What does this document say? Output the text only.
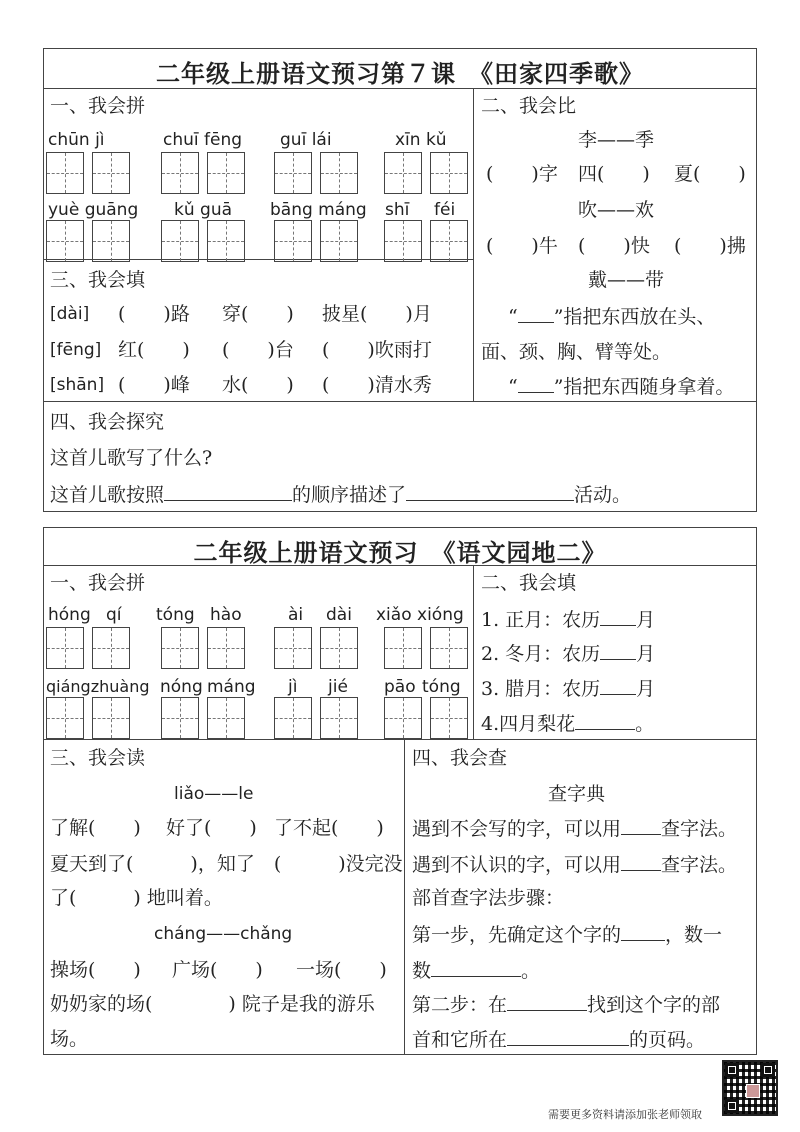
二年级上册语文预习第７课　《田家四季歌》
一、我会拼
chūn jì	chuī fēng guī lái	xīn kǔ
yuè guāng kǔ guā bāng máng shī féi
二、我会比
李——季
(　　)字 四(　　) 夏(　　)
吹——欢
(　　)牛 (　　)快 (　　)拂
戴——带
“ ”指把东西放在头、
面、颈、胸、臂等处。
“ ”指把东西随身拿着。
三、我会填
[dài] (　　)路 穿(　　) 披星(　　)月
[fēng] 红(　　) (　　)台 (　　)吹雨打
[shān] (　　)峰 水(　　) (　　)清水秀
四、我会探究
这首儿歌写了什么?
这首儿歌按照	的顺序描述了	活动。
二年级上册语文预习　《语文园地二》
一、我会拼
hóng qí tóng hào	ài dài xiǎo xióng
qiángzhuàng nóng máng jì jié pāo tóng
二、我会填
1. 正月：农历 月
2. 冬月：农历 月
3. 腊月：农历 月
4.四月梨花	。
三、我会读
liǎo——le
了解(　　) 好了(　　) 了不起(　　)
夏天到了(　　　)，知了　(　　　)没完没
了(　　　) 地叫着。
cháng——chǎng
操场(　　) 广场(　　) 一场(　　)
奶奶家的场(　　　　) 院子是我的游乐
场。
四、我会查
查字典
遇到不会写的字，可以用 查字法。
遇到不认识的字，可以用 查字法。
部首查字法步骤：
第一步，先确定这个字的 ，数一
数	。
第二步：在	找到这个字的部
首和它所在	的页码。
需要更多资料请添加张老师领取
